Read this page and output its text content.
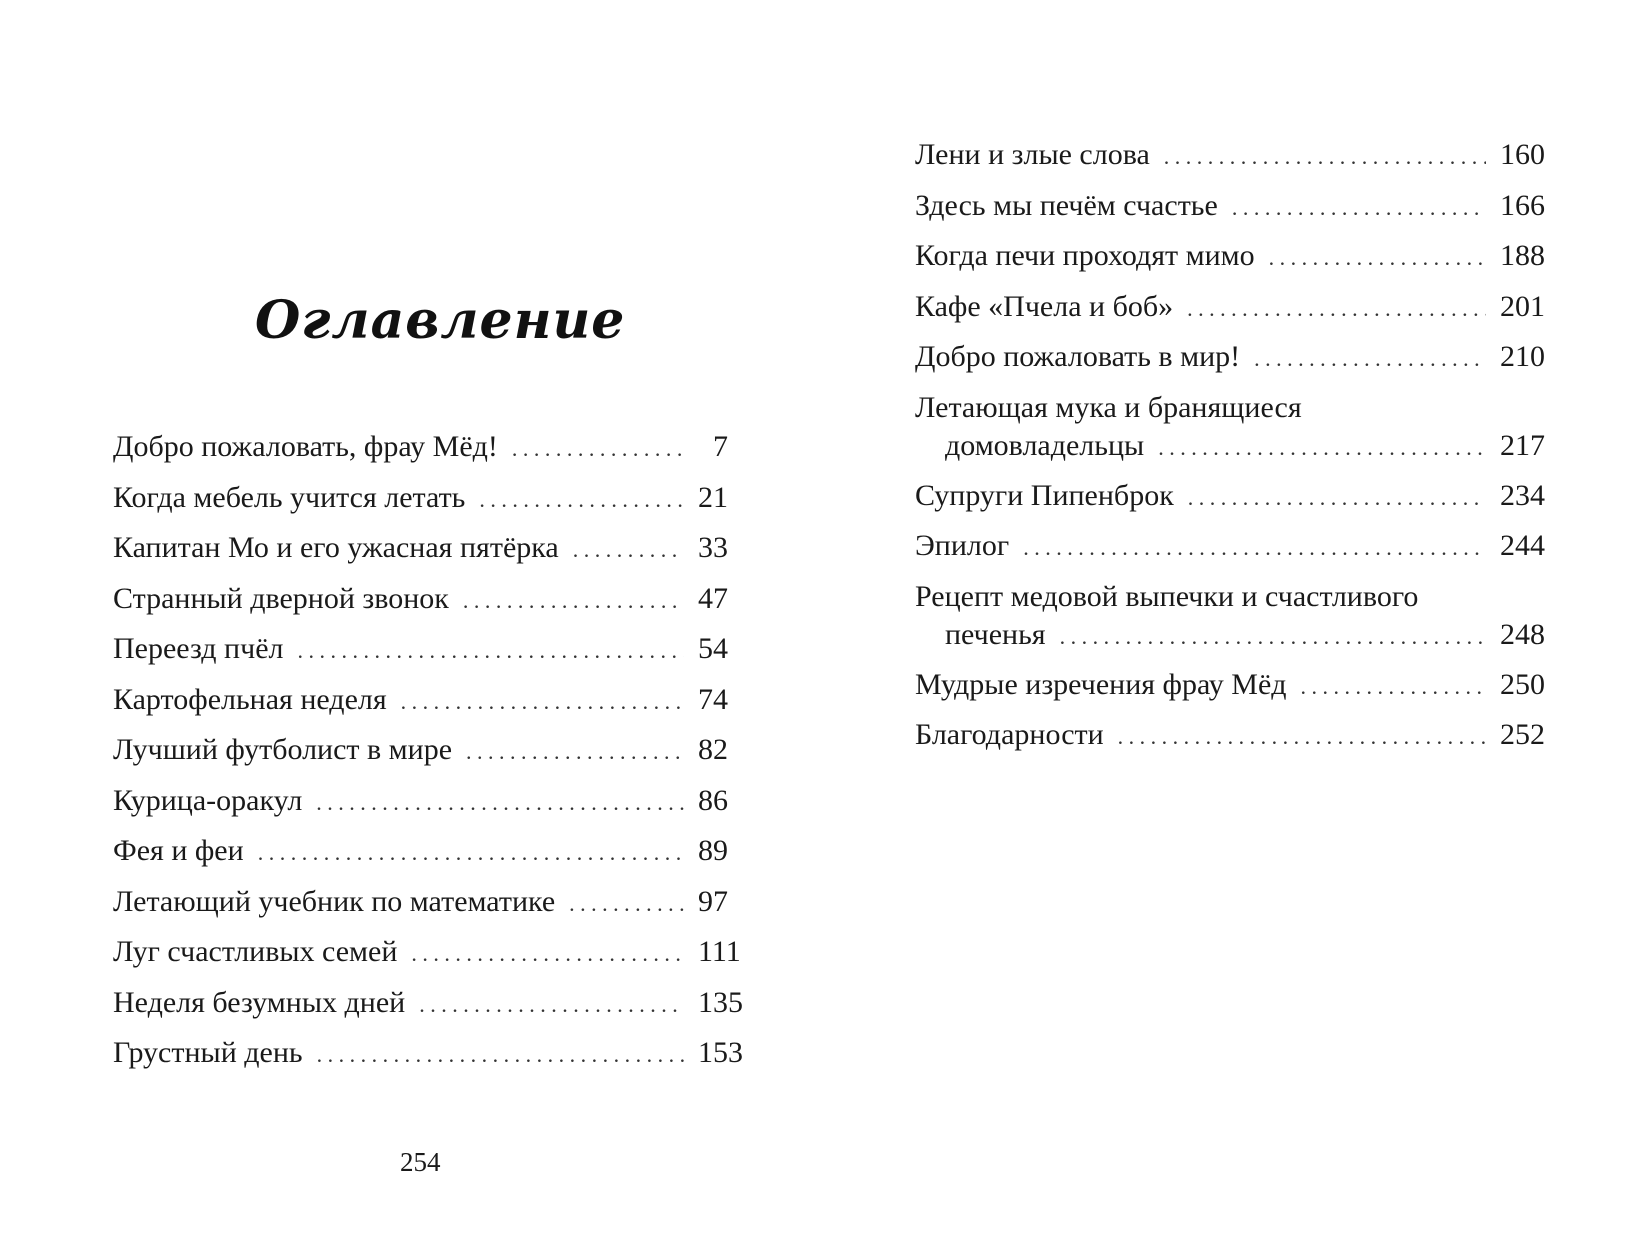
Оглавление
Добро пожаловать, фрау Мёд! . . .	7
Когда мебель учится летать . . .	21
Капитан Мо и его ужасная пятёрка . . .	33
Странный дверной звонок . . .	47
Переезд пчёл . . .	54
Картофельная неделя . . .	74
Лучший футболист в мире . . .	82
Курица-оракул . . .	86
Фея и феи . . .	89
Летающий учебник по математике . . .	97
Луг счастливых семей . . .	111
Неделя безумных дней . . .	135
Грустный день . . .	153
254
Лени и злые слова . . .	160
Здесь мы печём счастье . . .	166
Когда печи проходят мимо . . .	188
Кафе «Пчела и боб» . . .	201
Добро пожаловать в мир! . . .	210
Летающая мука и бранящиеся
домовладельцы . . .	217
Супруги Пипенброк . . .	234
Эпилог . . .	244
Рецепт медовой выпечки и счастливого
печенья . . .	248
Мудрые изречения фрау Мёд . . .	250
Благодарности . . .	252
